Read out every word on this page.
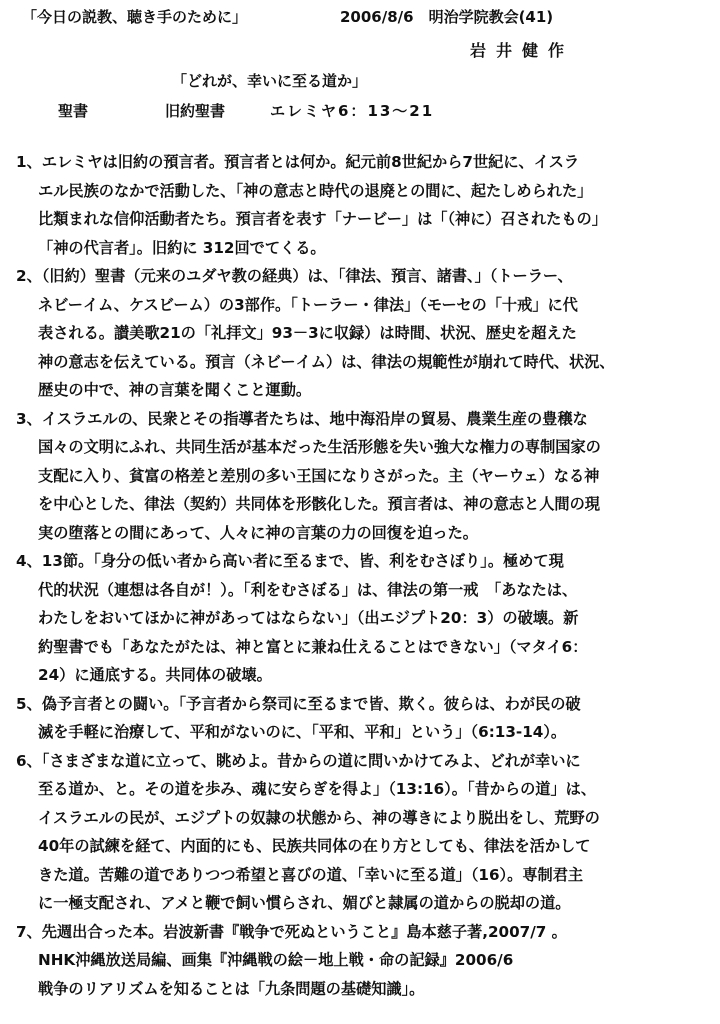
「今日の説教、聴き手のために」	2006/8/6　明治学院教会(41)
岩井健作
「どれが、幸いに至る道か」
聖書	旧約聖書	エレミヤ6：13～21
1、エレミヤは旧約の預言者。預言者とは何か。紀元前8世紀から7世紀に、イスラ
エル民族のなかで活動した、「神の意志と時代の退廃との間に、起たしめられた」
比類まれな信仰活動者たち。預言者を表す「ナービー」は「（神に）召されたもの」
「神の代言者」。旧約に 312回でてくる。
2、（旧約）聖書（元来のユダヤ教の経典）は、「律法、預言、諸書、」（トーラー、
ネビーイム、ケスビーム）の3部作。「トーラー・律法」（モーセの「十戒」に代
表される。讃美歌21の「礼拝文」93－3に収録）は時間、状況、歴史を超えた
神の意志を伝えている。預言（ネビーイム）は、律法の規範性が崩れて時代、状況、
歴史の中で、神の言葉を聞くこと運動。
3、イスラエルの、民衆とその指導者たちは、地中海沿岸の貿易、農業生産の豊穣な
国々の文明にふれ、共同生活が基本だった生活形態を失い強大な権力の専制国家の
支配に入り、貧富の格差と差別の多い王国になりさがった。主（ヤーウェ）なる神
を中心とした、律法（契約）共同体を形骸化した。預言者は、神の意志と人間の現
実の堕落との間にあって、人々に神の言葉の力の回復を迫った。
4、13節。「身分の低い者から高い者に至るまで、皆、利をむさぼり」。極めて現
代的状況（連想は各自が！）。「利をむさぼる」は、律法の第一戒　「あなたは、
わたしをおいてほかに神があってはならない」（出エジプト20：3）の破壊。新
約聖書でも「あなたがたは、神と富とに兼ね仕えることはできない」（マタイ6：
24）に通底する。共同体の破壊。
5、偽予言者との闘い。「予言者から祭司に至るまで皆、欺く。彼らは、わが民の破
滅を手軽に治療して、平和がないのに、「平和、平和」という」（6:13-14）。
6、「さまざまな道に立って、眺めよ。昔からの道に問いかけてみよ、どれが幸いに
至る道か、と。その道を歩み、魂に安らぎを得よ」（13:16）。「昔からの道」は、
イスラエルの民が、エジプトの奴隷の状態から、神の導きにより脱出をし、荒野の
40年の試練を経て、内面的にも、民族共同体の在り方としても、律法を活かして
きた道。苦難の道でありつつ希望と喜びの道、「幸いに至る道」（16）。専制君主
に一極支配され、アメと鞭で飼い慣らされ、媚びと隷属の道からの脱却の道。
7、先週出合った本。岩波新書『戦争で死ぬということ』島本慈子著,2007/7 。
NHK沖縄放送局編、画集『沖縄戦の絵－地上戦・命の記録』2006/6
戦争のリアリズムを知ることは「九条問題の基礎知識」。
